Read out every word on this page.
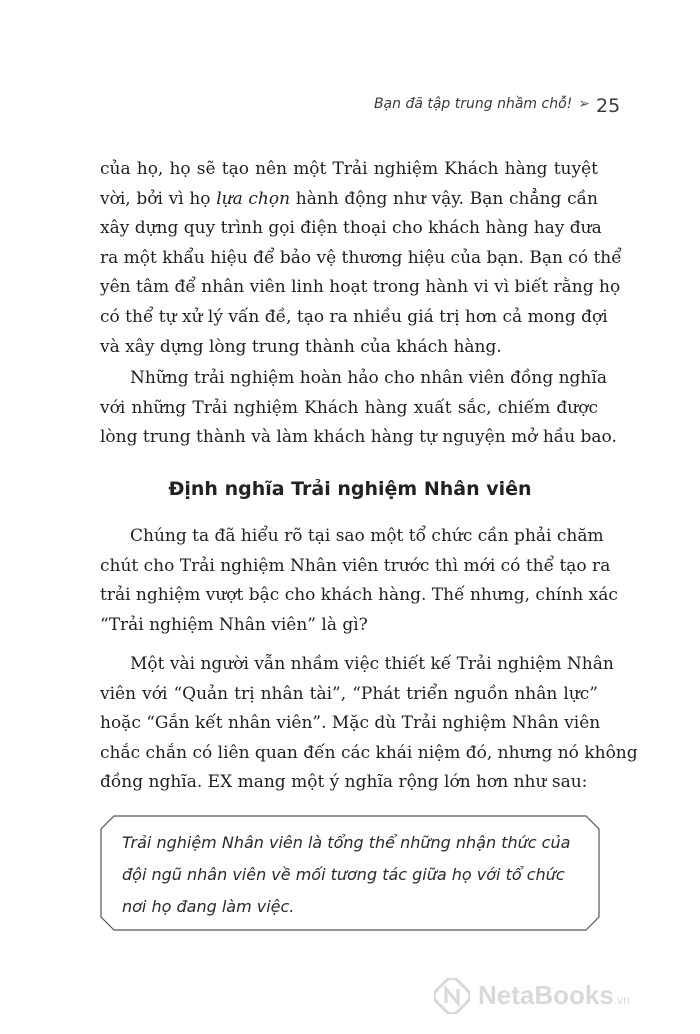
Bạn đã tập trung nhầm chỗ! ➢ 25
của họ, họ sẽ tạo nên một Trải nghiệm Khách hàng tuyệt
vời, bởi vì họ lựa chọn hành động như vậy. Bạn chẳng cần
xây dựng quy trình gọi điện thoại cho khách hàng hay đưa
ra một khẩu hiệu để bảo vệ thương hiệu của bạn. Bạn có thể
yên tâm để nhân viên linh hoạt trong hành vi vì biết rằng họ
có thể tự xử lý vấn đề, tạo ra nhiều giá trị hơn cả mong đợi
và xây dựng lòng trung thành của khách hàng.
Những trải nghiệm hoàn hảo cho nhân viên đồng nghĩa
với những Trải nghiệm Khách hàng xuất sắc, chiếm được
lòng trung thành và làm khách hàng tự nguyện mở hầu bao.
Định nghĩa Trải nghiệm Nhân viên
Chúng ta đã hiểu rõ tại sao một tổ chức cần phải chăm
chút cho Trải nghiệm Nhân viên trước thì mới có thể tạo ra
trải nghiệm vượt bậc cho khách hàng. Thế nhưng, chính xác
“Trải nghiệm Nhân viên” là gì?
Một vài người vẫn nhầm việc thiết kế Trải nghiệm Nhân
viên với “Quản trị nhân tài”, “Phát triển nguồn nhân lực”
hoặc “Gắn kết nhân viên”. Mặc dù Trải nghiệm Nhân viên
chắc chắn có liên quan đến các khái niệm đó, nhưng nó không
đồng nghĩa. EX mang một ý nghĩa rộng lớn hơn như sau:
Trải nghiệm Nhân viên là tổng thể những nhận thức của
đội ngũ nhân viên về mối tương tác giữa họ với tổ chức
nơi họ đang làm việc.
NetaBooks.vn
